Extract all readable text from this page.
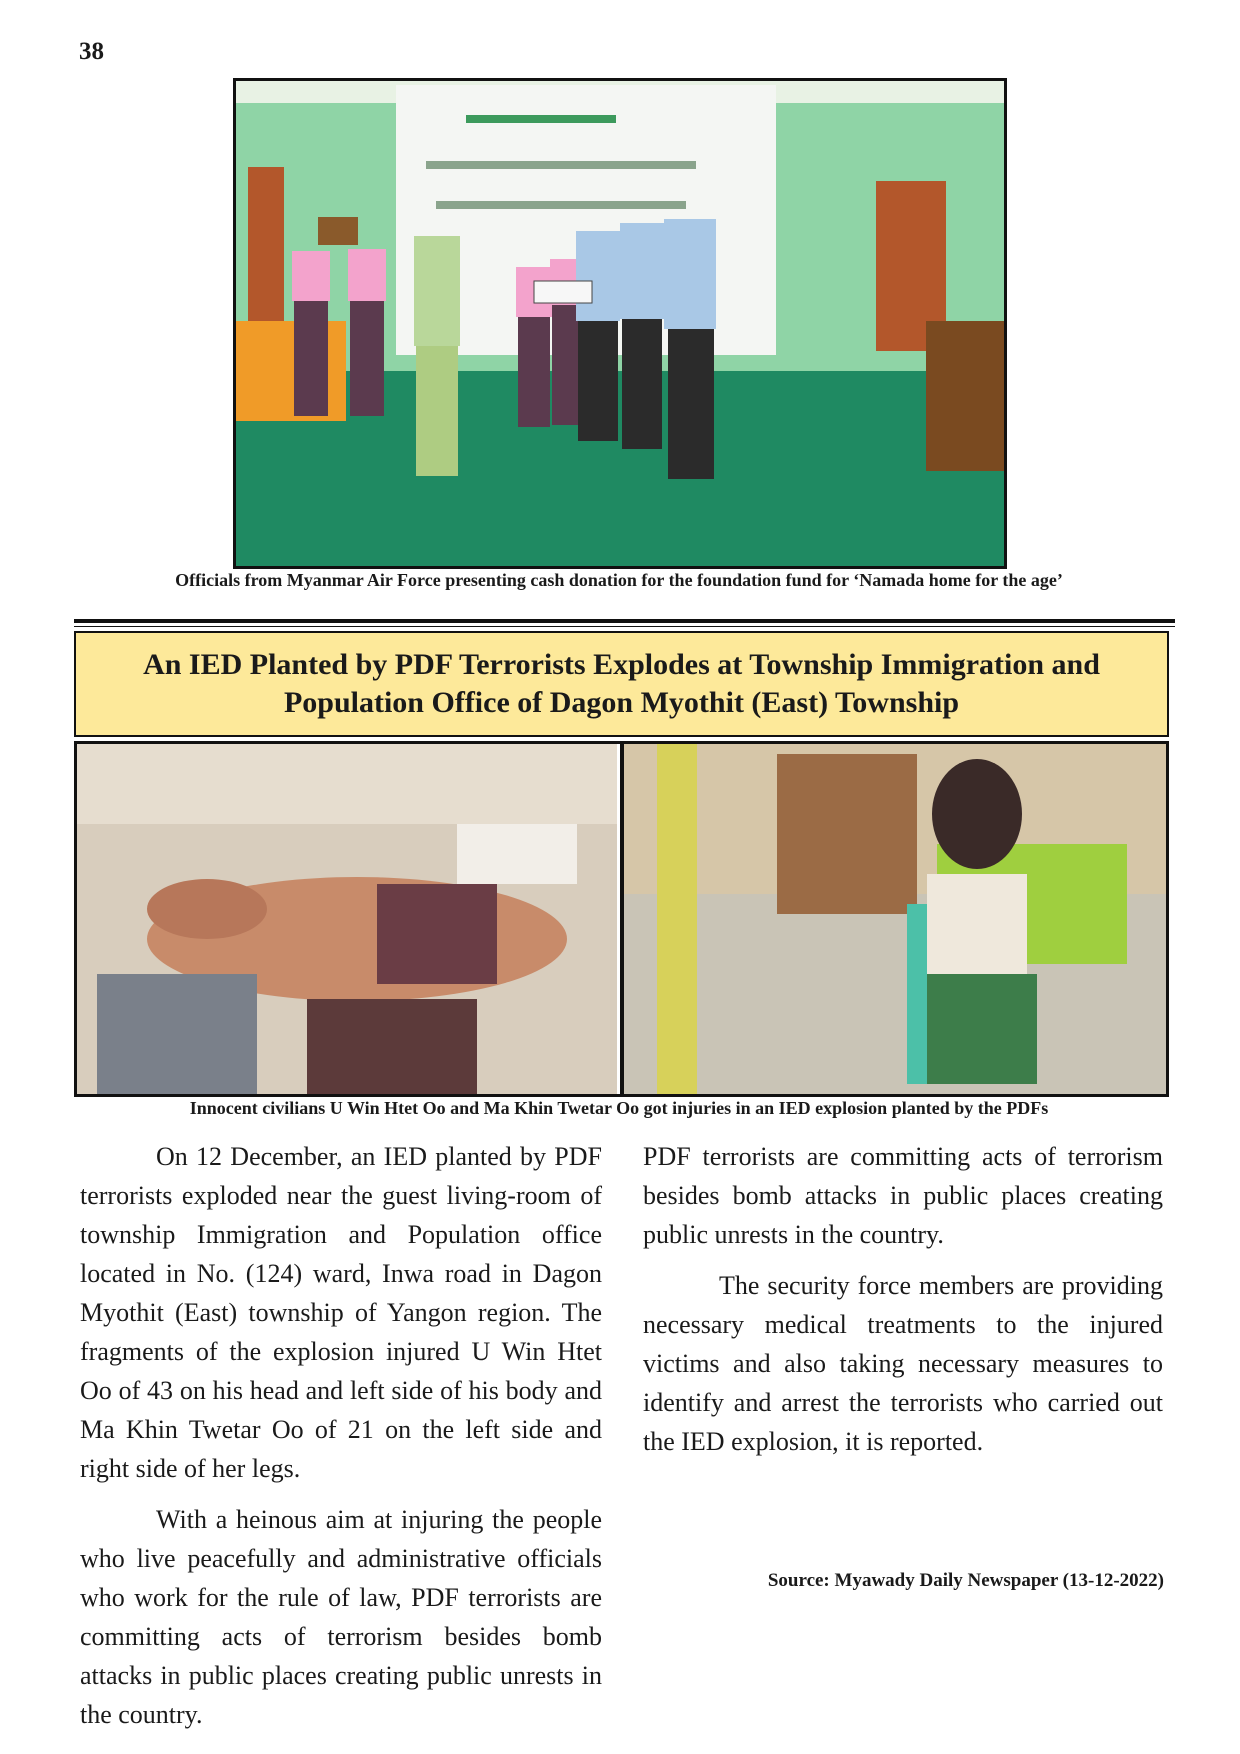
38
Officials from Myanmar Air Force presenting cash donation for the foundation fund for ‘Namada home for the age’
An IED Planted by PDF Terrorists Explodes at Township Immigration and
Population Office of Dagon Myothit (East) Township
Innocent civilians U Win Htet Oo and Ma Khin Twetar Oo got injuries in an IED explosion planted by the PDFs

On 12 December, an IED planted by PDF terrorists exploded near the guest living-room of township Immigration and Population office located in No. (124) ward, Inwa road in Dagon Myothit (East) township of Yangon region. The fragments of the explosion injured U Win Htet Oo of 43 on his head and left side of his body and Ma Khin Twetar Oo of 21 on the left side and right side of her legs.

With a heinous aim at injuring the people who live peacefully and administrative officials who work for the rule of law, PDF terrorists are committing acts of terrorism besides bomb attacks in public places creating public unrests in the country.

PDF terrorists are committing acts of terrorism besides bomb attacks in public places creating public unrests in the country.

The security force members are providing necessary medical treatments to the injured victims and also taking necessary measures to identify and arrest the terrorists who carried out the IED explosion, it is reported.

Source: Myawady Daily Newspaper (13-12-2022)
